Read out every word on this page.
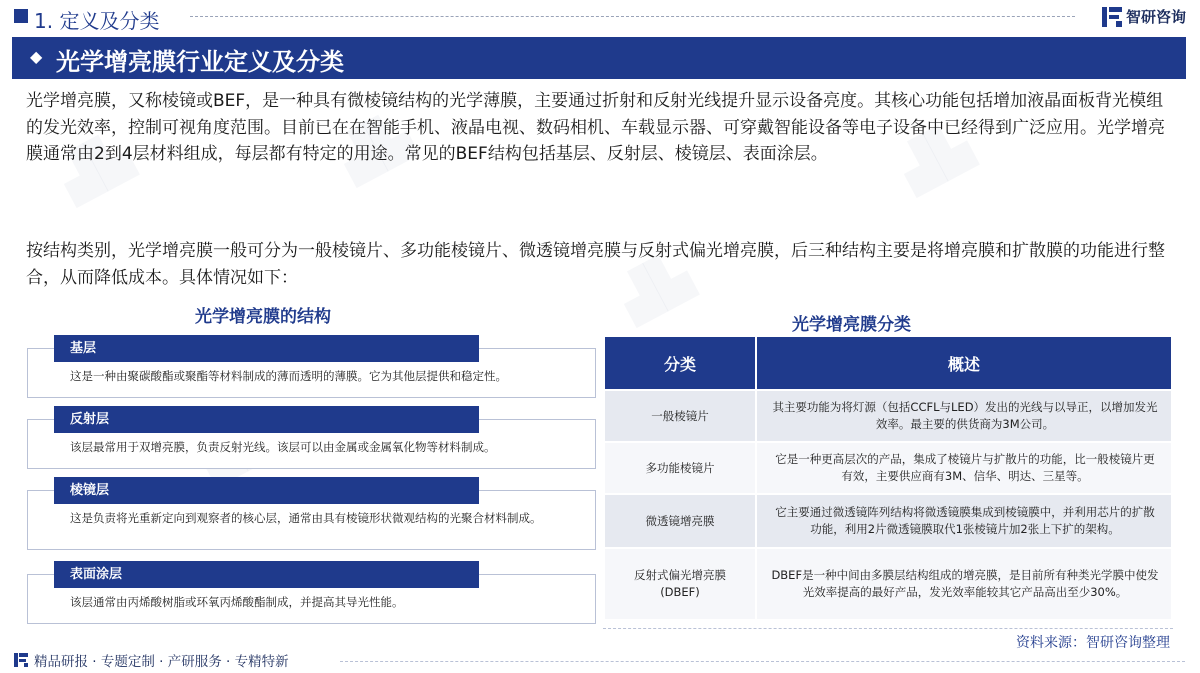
1. 定义及分类	智研咨询
◆ 光学增亮膜行业定义及分类
光学增亮膜，又称棱镜或BEF，是一种具有微棱镜结构的光学薄膜，主要通过折射和反射光线提升显示设备亮度。其核心功能包括增加液晶面板背光模组的发光效率，控制可视角度范围。目前已在在智能手机、液晶电视、数码相机、车载显示器、可穿戴智能设备等电子设备中已经得到广泛应用。光学增亮膜通常由2到4层材料组成，每层都有特定的用途。常见的BEF结构包括基层、反射层、棱镜层、表面涂层。
按结构类别，光学增亮膜一般可分为一般棱镜片、多功能棱镜片、微透镜增亮膜与反射式偏光增亮膜，后三种结构主要是将增亮膜和扩散膜的功能进行整合，从而降低成本。具体情况如下：
光学增亮膜的结构
基层
这是一种由聚碳酸酯或聚酯等材料制成的薄而透明的薄膜。它为其他层提供和稳定性。
反射层
该层最常用于双增亮膜，负责反射光线。该层可以由金属或金属氧化物等材料制成。
棱镜层
这是负责将光重新定向到观察者的核心层，通常由具有棱镜形状微观结构的光聚合材料制成。
表面涂层
该层通常由丙烯酸树脂或环氧丙烯酸酯制成，并提高其导光性能。
光学增亮膜分类
分类	概述
一般棱镜片	其主要功能为将灯源（包括CCFL与LED）发出的光线与以导正，以增加发光效率。最主要的供货商为3M公司。
多功能棱镜片	它是一种更高层次的产品，集成了棱镜片与扩散片的功能，比一般棱镜片更有效，主要供应商有3M、信华、明达、三星等。
微透镜增亮膜	它主要通过微透镜阵列结构将微透镜膜集成到棱镜膜中，并利用芯片的扩散功能，利用2片微透镜膜取代1张棱镜片加2张上下扩的架构。
反射式偏光增亮膜
(DBEF)	DBEF是一种中间由多膜层结构组成的增亮膜，是目前所有种类光学膜中使发光效率提高的最好产品，发光效率能较其它产品高出至少30%。
资料来源：智研咨询整理
精品研报 · 专题定制 · 产研服务 · 专精特新
